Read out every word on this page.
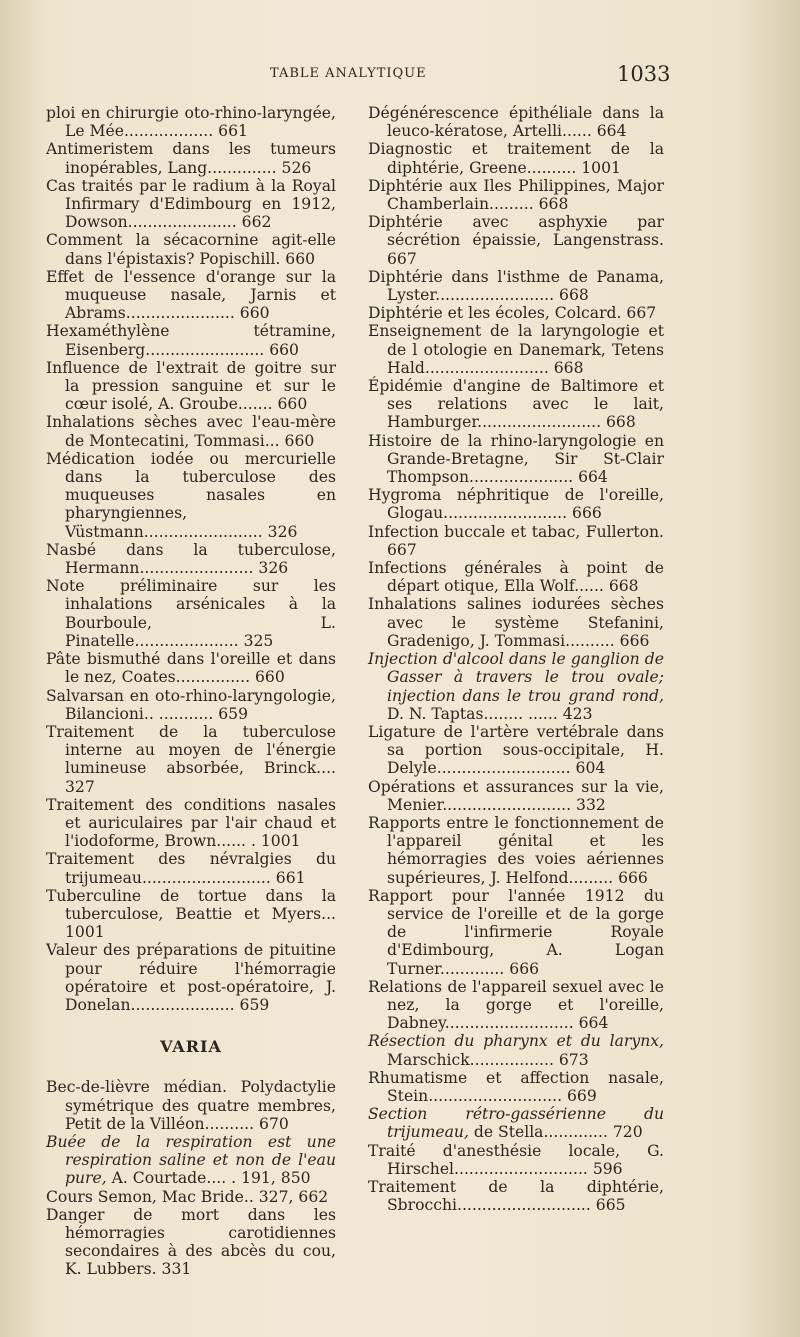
TABLE ANALYTIQUE	1033

ploi en chirurgie oto-rhino-laryngée, Le Mée.................. 661

Antimeristem dans les tumeurs inopérables, Lang.............. 526

Cas traités par le radium à la Royal Infirmary d'Edimbourg en 1912, Dowson...................... 662

Comment la sécacornine agit-elle dans l'épistaxis? Popischill. 660

Effet de l'essence d'orange sur la muqueuse nasale, Jarnis et Abrams...................... 660

Hexaméthylène tétramine, Eisenberg........................ 660

Influence de l'extrait de goitre sur la pression sanguine et sur le cœur isolé, A. Groube....... 660

Inhalations sèches avec l'eau-mère de Montecatini, Tommasi... 660

Médication iodée ou mercurielle dans la tuberculose des muqueuses nasales en pharyngiennes, Vüstmann........................ 326

Nasbé dans la tuberculose, Hermann....................... 326

Note préliminaire sur les inhalations arsénicales à la Bourboule, L. Pinatelle..................... 325

Pâte bismuthé dans l'oreille et dans le nez, Coates............... 660

Salvarsan en oto-rhino-laryngologie, Bilancioni.. ........... 659

Traitement de la tuberculose interne au moyen de l'énergie lumineuse absorbée, Brinck.... 327

Traitement des conditions nasales et auriculaires par l'air chaud et l'iodoforme, Brown...... . 1001

Traitement des névralgies du trijumeau.......................... 661

Tuberculine de tortue dans la tuberculose, Beattie et Myers... 1001

Valeur des préparations de pituitine pour réduire l'hémorragie opératoire et post-opératoire, J. Donelan..................... 659

VARIA

Bec-de-lièvre médian. Polydactylie symétrique des quatre membres, Petit de la Villéon.......... 670

Buée de la respiration est une respiration saline et non de l'eau pure, A. Courtade.... . 191, 850

Cours Semon, Mac Bride.. 327, 662

Danger de mort dans les hémorragies carotidiennes secondaires à des abcès du cou, K. Lubbers. 331

Dégénérescence épithéliale dans la leuco-kératose, Artelli...... 664

Diagnostic et traitement de la diphtérie, Greene.......... 1001

Diphtérie aux Iles Philippines, Major Chamberlain......... 668

Diphtérie avec asphyxie par sécrétion épaissie, Langenstrass. 667

Diphtérie dans l'isthme de Panama, Lyster........................ 668

Diphtérie et les écoles, Colcard. 667

Enseignement de la laryngologie et de l otologie en Danemark, Tetens Hald......................... 668

Épidémie d'angine de Baltimore et ses relations avec le lait, Hamburger......................... 668

Histoire de la rhino-laryngologie en Grande-Bretagne, Sir St-Clair Thompson..................... 664

Hygroma néphritique de l'oreille, Glogau......................... 666

Infection buccale et tabac, Fullerton. 667

Infections générales à point de départ otique, Ella Wolf...... 668

Inhalations salines iodurées sèches avec le système Stefanini, Gradenigo, J. Tommasi.......... 666

Injection d'alcool dans le ganglion de Gasser à travers le trou ovale; injection dans le trou grand rond, D. N. Taptas........ ...... 423

Ligature de l'artère vertébrale dans sa portion sous-occipitale, H. Delyle........................... 604

Opérations et assurances sur la vie, Menier.......................... 332

Rapports entre le fonctionnement de l'appareil génital et les hémorragies des voies aériennes supérieures, J. Helfond......... 666

Rapport pour l'année 1912 du service de l'oreille et de la gorge de l'infirmerie Royale d'Edimbourg, A. Logan Turner............. 666

Relations de l'appareil sexuel avec le nez, la gorge et l'oreille, Dabney.......................... 664

Résection du pharynx et du larynx, Marschick................. 673

Rhumatisme et affection nasale, Stein........................... 669

Section rétro-gassérienne du trijumeau, de Stella............. 720

Traité d'anesthésie locale, G. Hirschel........................... 596

Traitement de la diphtérie, Sbrocchi........................... 665
